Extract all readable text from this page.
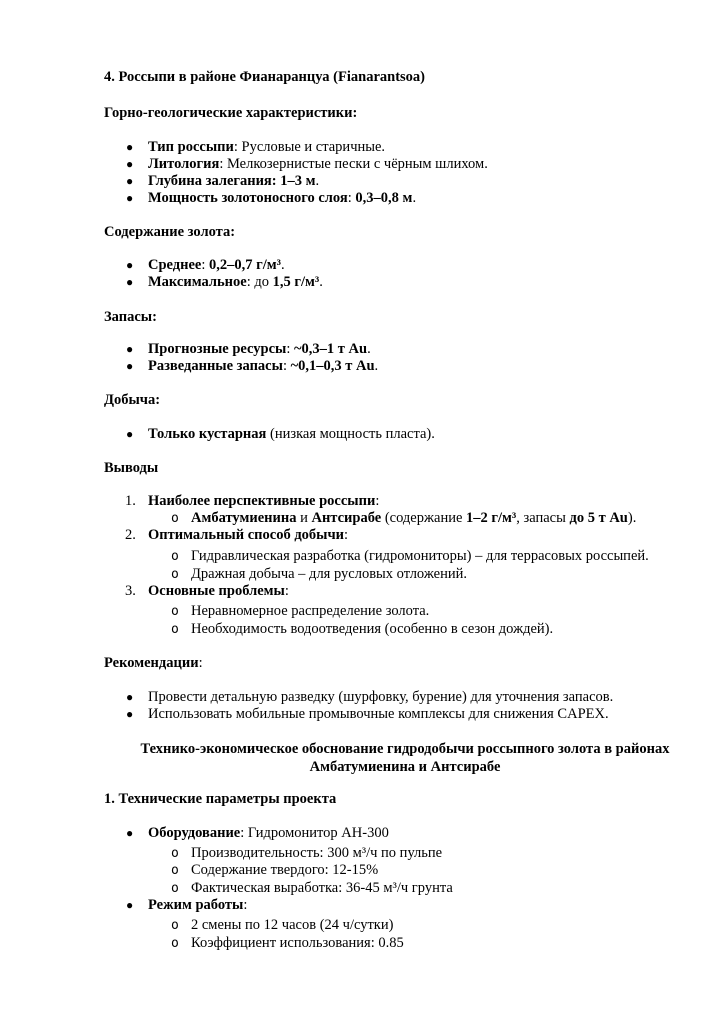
4. Россыпи в районе Фианаранцуа (Fianarantsoa)
Горно-геологические характеристики:
● Тип россыпи: Русловые и старичные.
● Литология: Мелкозернистые пески с чёрным шлихом.
● Глубина залегания: 1–3 м.
● Мощность золотоносного слоя: 0,3–0,8 м.
Содержание золота:
● Среднее: 0,2–0,7 г/м³.
● Максимальное: до 1,5 г/м³.
Запасы:
● Прогнозные ресурсы: ~0,3–1 т Au.
● Разведанные запасы: ~0,1–0,3 т Au.
Добыча:
● Только кустарная (низкая мощность пласта).
Выводы
1. Наиболее перспективные россыпи:
o Амбатумиенина и Антсирабе (содержание 1–2 г/м³, запасы до 5 т Au).
2. Оптимальный способ добычи:
o Гидравлическая разработка (гидромониторы) – для террасовых россыпей.
o Дражная добыча – для русловых отложений.
3. Основные проблемы:
o Неравномерное распределение золота.
o Необходимость водоотведения (особенно в сезон дождей).
Рекомендации:
● Провести детальную разведку (шурфовку, бурение) для уточнения запасов.
● Использовать мобильные промывочные комплексы для снижения CAPEX.
Технико-экономическое обоснование гидродобычи россыпного золота в районах
Амбатумиенина и Антсирабе
1. Технические параметры проекта
● Оборудование: Гидромонитор АН-300
o Производительность: 300 м³/ч по пульпе
o Содержание твердого: 12-15%
o Фактическая выработка: 36-45 м³/ч грунта
● Режим работы:
o 2 смены по 12 часов (24 ч/сутки)
o Коэффициент использования: 0.85
